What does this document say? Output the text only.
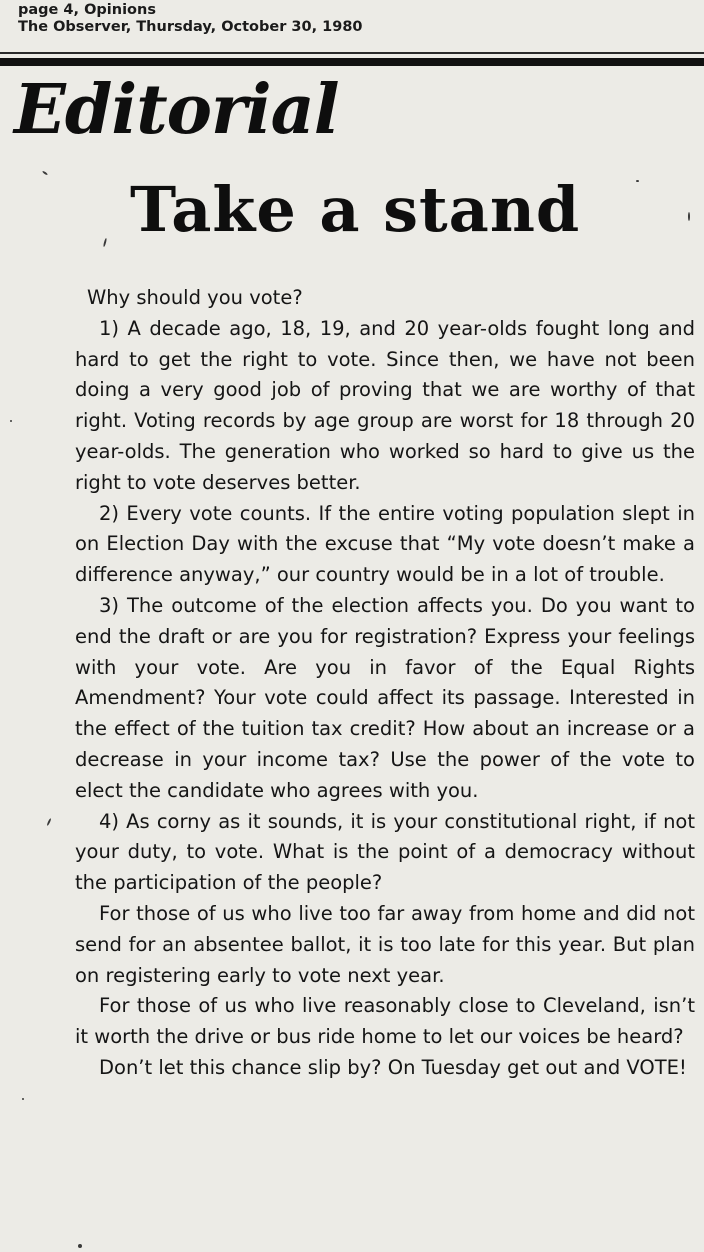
page 4, Opinions
The Observer, Thursday, October 30, 1980
Editorial
Take a stand

Why should you vote?

1) A decade ago, 18, 19, and 20 year-olds fought long and hard to get the right to vote. Since then, we have not been doing a very good job of proving that we are worthy of that right. Voting records by age group are worst for 18 through 20 year-olds. The generation who worked so hard to give us the right to vote deserves better.

2) Every vote counts. If the entire voting population slept in on Election Day with the excuse that “My vote doesn’t make a difference anyway,” our country would be in a lot of trouble.

3) The outcome of the election affects you. Do you want to end the draft or are you for registration? Express your feelings with your vote. Are you in favor of the Equal Rights Amendment? Your vote could affect its passage. Interested in the effect of the tuition tax credit? How about an increase or a decrease in your income tax? Use the power of the vote to elect the candidate who agrees with you.

4) As corny as it sounds, it is your constitutional right, if not your duty, to vote. What is the point of a democracy without the participation of the people?

For those of us who live too far away from home and did not send for an absentee ballot, it is too late for this year. But plan on registering early to vote next year.

For those of us who live reasonably close to Cleveland, isn’t it worth the drive or bus ride home to let our voices be heard?

Don’t let this chance slip by? On Tuesday get out and VOTE!
